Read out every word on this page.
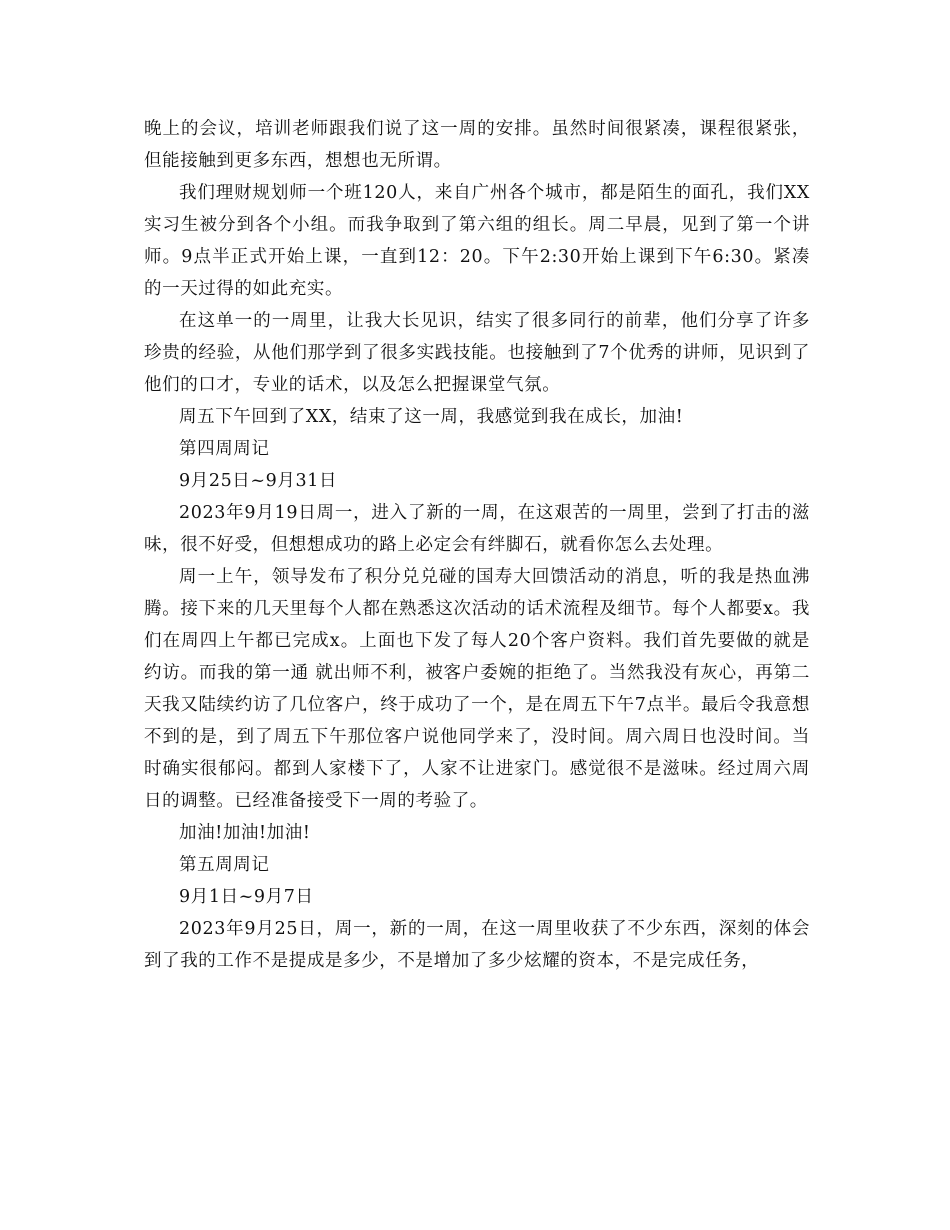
晚上的会议，培训老师跟我们说了这一周的安排。虽然时间很紧凑，课程很紧张，但能接触到更多东西，想想也无所谓。

我们理财规划师一个班120人，来自广州各个城市，都是陌生的面孔，我们XX实习生被分到各个小组。而我争取到了第六组的组长。周二早晨，见到了第一个讲师。9点半正式开始上课，一直到12：20。下午2:30开始上课到下午6:30。紧凑的一天过得的如此充实。

在这单一的一周里，让我大长见识，结实了很多同行的前辈，他们分享了许多珍贵的经验，从他们那学到了很多实践技能。也接触到了7个优秀的讲师，见识到了他们的口才，专业的话术，以及怎么把握课堂气氛。

周五下午回到了XX，结束了这一周，我感觉到我在成长，加油!

第四周周记

9月25日~9月31日

2023年9月19日周一，进入了新的一周，在这艰苦的一周里，尝到了打击的滋味，很不好受，但想想成功的路上必定会有绊脚石，就看你怎么去处理。

周一上午，领导发布了积分兑兑碰的国寿大回馈活动的消息，听的我是热血沸腾。接下来的几天里每个人都在熟悉这次活动的话术流程及细节。每个人都要x。我们在周四上午都已完成x。上面也下发了每人20个客户资料。我们首先要做的就是 约访。而我的第一通 就出师不利，被客户委婉的拒绝了。当然我没有灰心，再第二天我又陆续约访了几位客户，终于成功了一个，是在周五下午7点半。最后令我意想不到的是，到了周五下午那位客户说他同学来了，没时间。周六周日也没时间。当时确实很郁闷。都到人家楼下了，人家不让进家门。感觉很不是滋味。经过周六周日的调整。已经准备接受下一周的考验了。

加油!加油!加油!

第五周周记

9月1日~9月7日

2023年9月25日，周一，新的一周，在这一周里收获了不少东西，深刻的体会到了我的工作不是提成是多少，不是增加了多少炫耀的资本，不是完成任务，
